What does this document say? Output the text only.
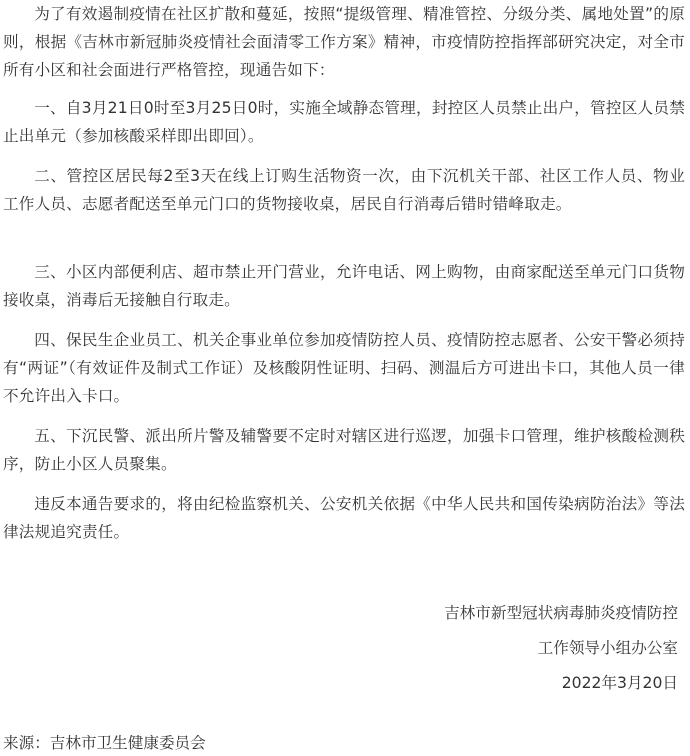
为了有效遏制疫情在社区扩散和蔓延，按照“提级管理、精准管控、分级分类、属地处置”的原则，根据《吉林市新冠肺炎疫情社会面清零工作方案》精神，市疫情防控指挥部研究决定，对全市所有小区和社会面进行严格管控，现通告如下：

一、自3月21日0时至3月25日0时，实施全域静态管理，封控区人员禁止出户，管控区人员禁止出单元（参加核酸采样即出即回）。

二、管控区居民每2至3天在线上订购生活物资一次，由下沉机关干部、社区工作人员、物业工作人员、志愿者配送至单元门口的货物接收桌，居民自行消毒后错时错峰取走。

三、小区内部便利店、超市禁止开门营业，允许电话、网上购物，由商家配送至单元门口货物接收桌，消毒后无接触自行取走。

四、保民生企业员工、机关企事业单位参加疫情防控人员、疫情防控志愿者、公安干警必须持有“两证”（有效证件及制式工作证）及核酸阴性证明、扫码、测温后方可进出卡口，其他人员一律不允许出入卡口。

五、下沉民警、派出所片警及辅警要不定时对辖区进行巡逻，加强卡口管理，维护核酸检测秩序，防止小区人员聚集。

违反本通告要求的，将由纪检监察机关、公安机关依据《中华人民共和国传染病防治法》等法律法规追究责任。

吉林市新型冠状病毒肺炎疫情防控

工作领导小组办公室

2022年3月20日

来源：吉林市卫生健康委员会
